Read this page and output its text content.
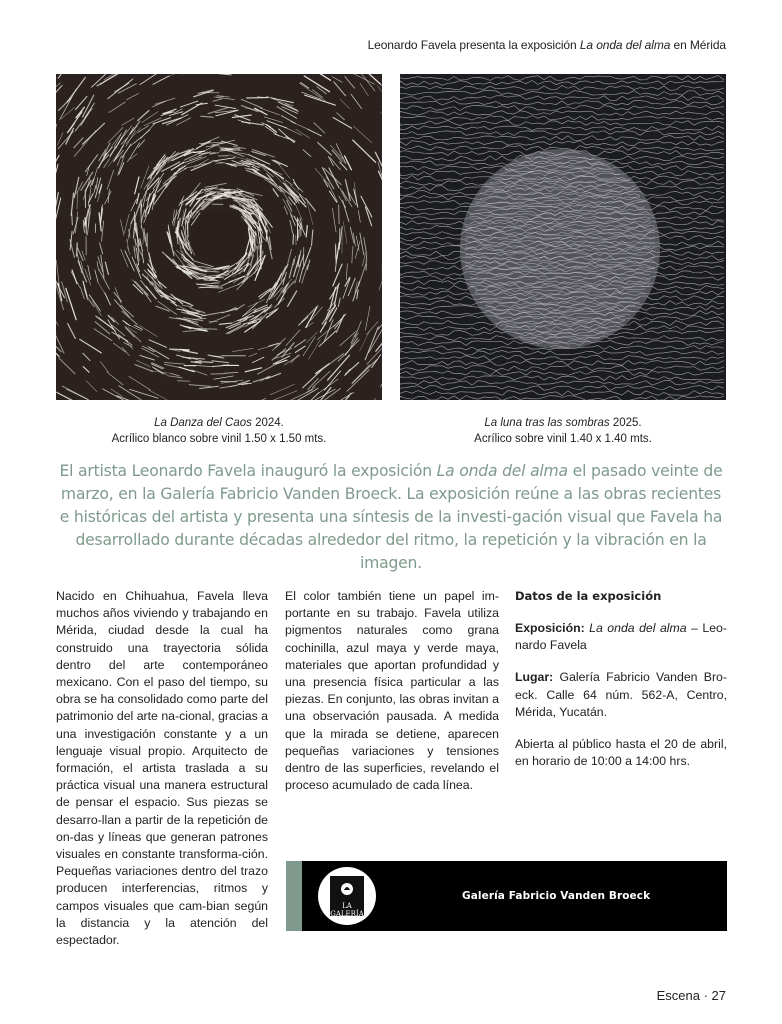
Leonardo Favela presenta la exposición La onda del alma en Mérida
La Danza del Caos 2024.
Acrílico blanco sobre vinil 1.50 x 1.50 mts.
La luna tras las sombras 2025.
Acrílico sobre vinil 1.40 x 1.40 mts.
El artista Leonardo Favela inauguró la exposición La onda del alma el pasado veinte de marzo, en la Galería Fabricio Vanden Broeck. La exposición reúne a las obras recientes e históricas del artista y presenta una síntesis de la investi-gación visual que Favela ha desarrollado durante décadas alrededor del ritmo, la repetición y la vibración en la imagen.
Nacido en Chihuahua, Favela lleva muchos años viviendo y trabajando en Mérida, ciudad desde la cual ha construido una trayectoria sólida dentro del arte contemporáneo mexicano. Con el paso del tiempo, su obra se ha consolidado como parte del patrimonio del arte na-cional, gracias a una investigación constante y a un lenguaje visual propio. Arquitecto de formación, el artista traslada a su práctica visual una manera estructural de pensar el espacio. Sus piezas se desarro-llan a partir de la repetición de on-das y líneas que generan patrones visuales en constante transforma-ción. Pequeñas variaciones dentro del trazo producen interferencias, ritmos y campos visuales que cam-bian según la distancia y la atención del espectador.
El color también tiene un papel im-portante en su trabajo. Favela utiliza pigmentos naturales como grana cochinilla, azul maya y verde maya, materiales que aportan profundidad y una presencia física particular a las piezas. En conjunto, las obras invitan a una observación pausada. A medida que la mirada se detiene, aparecen pequeñas variaciones y tensiones dentro de las superficies, revelando el proceso acumulado de cada línea.
Datos de la exposición

Exposición: La onda del alma – Leo-nardo Favela

Lugar: Galería Fabricio Vanden Bro-eck. Calle 64 núm. 562-A, Centro, Mérida, Yucatán.

Abierta al público hasta el 20 de abril, en horario de 10:00 a 14:00 hrs.

LA
GALERÍA
Galería Fabricio Vanden Broeck
Escena · 27
